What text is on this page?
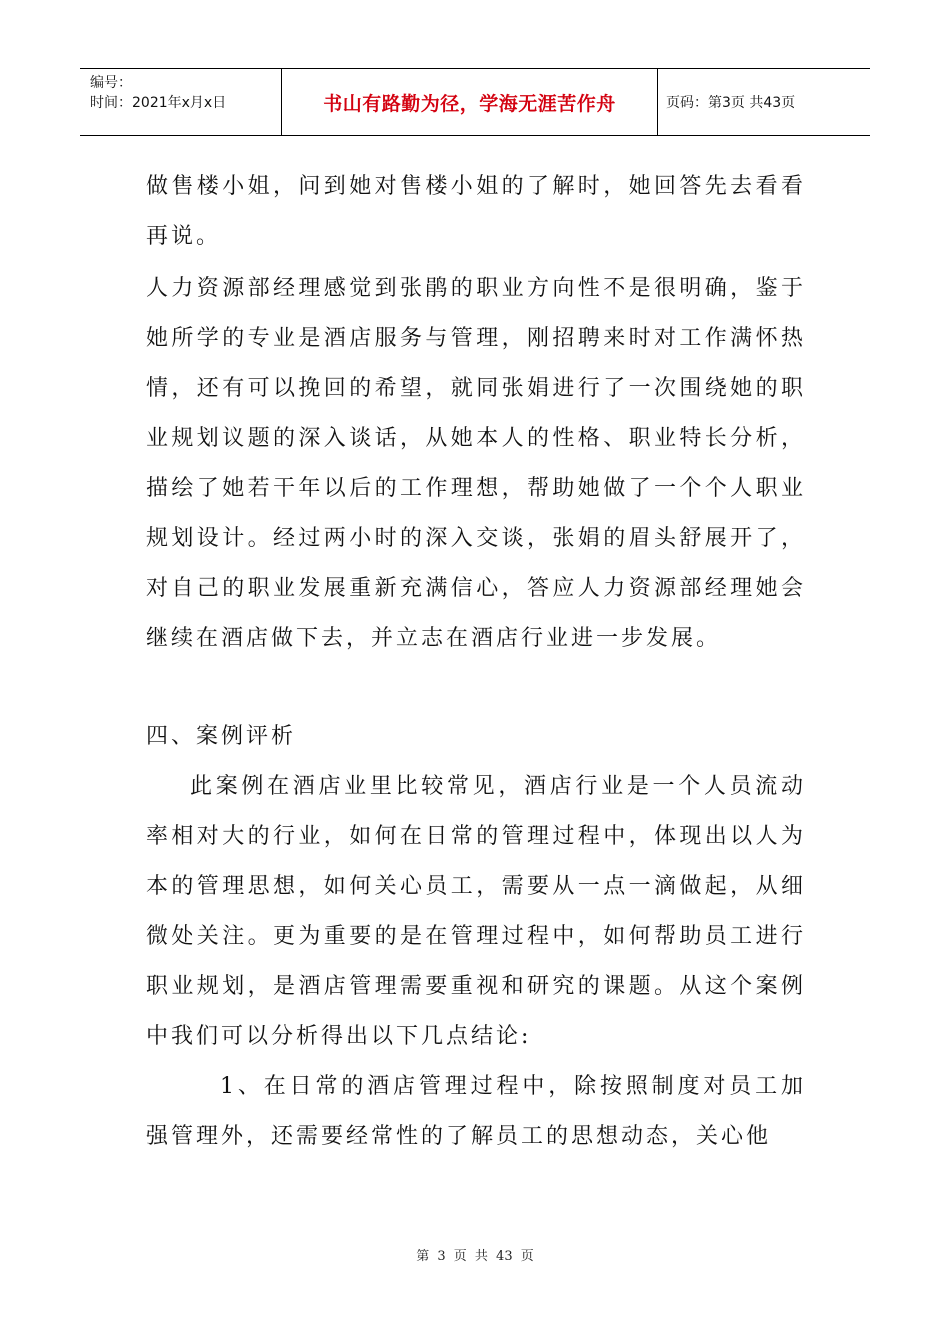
编号：
时间：2021年x月x日	书山有路勤为径，学海无涯苦作舟	页码：第3页 共43页

做售楼小姐，问到她对售楼小姐的了解时，她回答先去看看再说。

人力资源部经理感觉到张鹃的职业方向性不是很明确，鉴于她所学的专业是酒店服务与管理，刚招聘来时对工作满怀热情，还有可以挽回的希望，就同张娟进行了一次围绕她的职业规划议题的深入谈话，从她本人的性格、职业特长分析，描绘了她若干年以后的工作理想，帮助她做了一个个人职业规划设计。经过两小时的深入交谈，张娟的眉头舒展开了，对自己的职业发展重新充满信心，答应人力资源部经理她会继续在酒店做下去，并立志在酒店行业进一步发展。

四、案例评析

此案例在酒店业里比较常见，酒店行业是一个人员流动率相对大的行业，如何在日常的管理过程中，体现出以人为本的管理思想，如何关心员工，需要从一点一滴做起，从细微处关注。更为重要的是在管理过程中，如何帮助员工进行职业规划，是酒店管理需要重视和研究的课题。从这个案例中我们可以分析得出以下几点结论:

1、在日常的酒店管理过程中，除按照制度对员工加强管理外，还需要经常性的了解员工的思想动态，关心他

第 3 页 共 43 页
